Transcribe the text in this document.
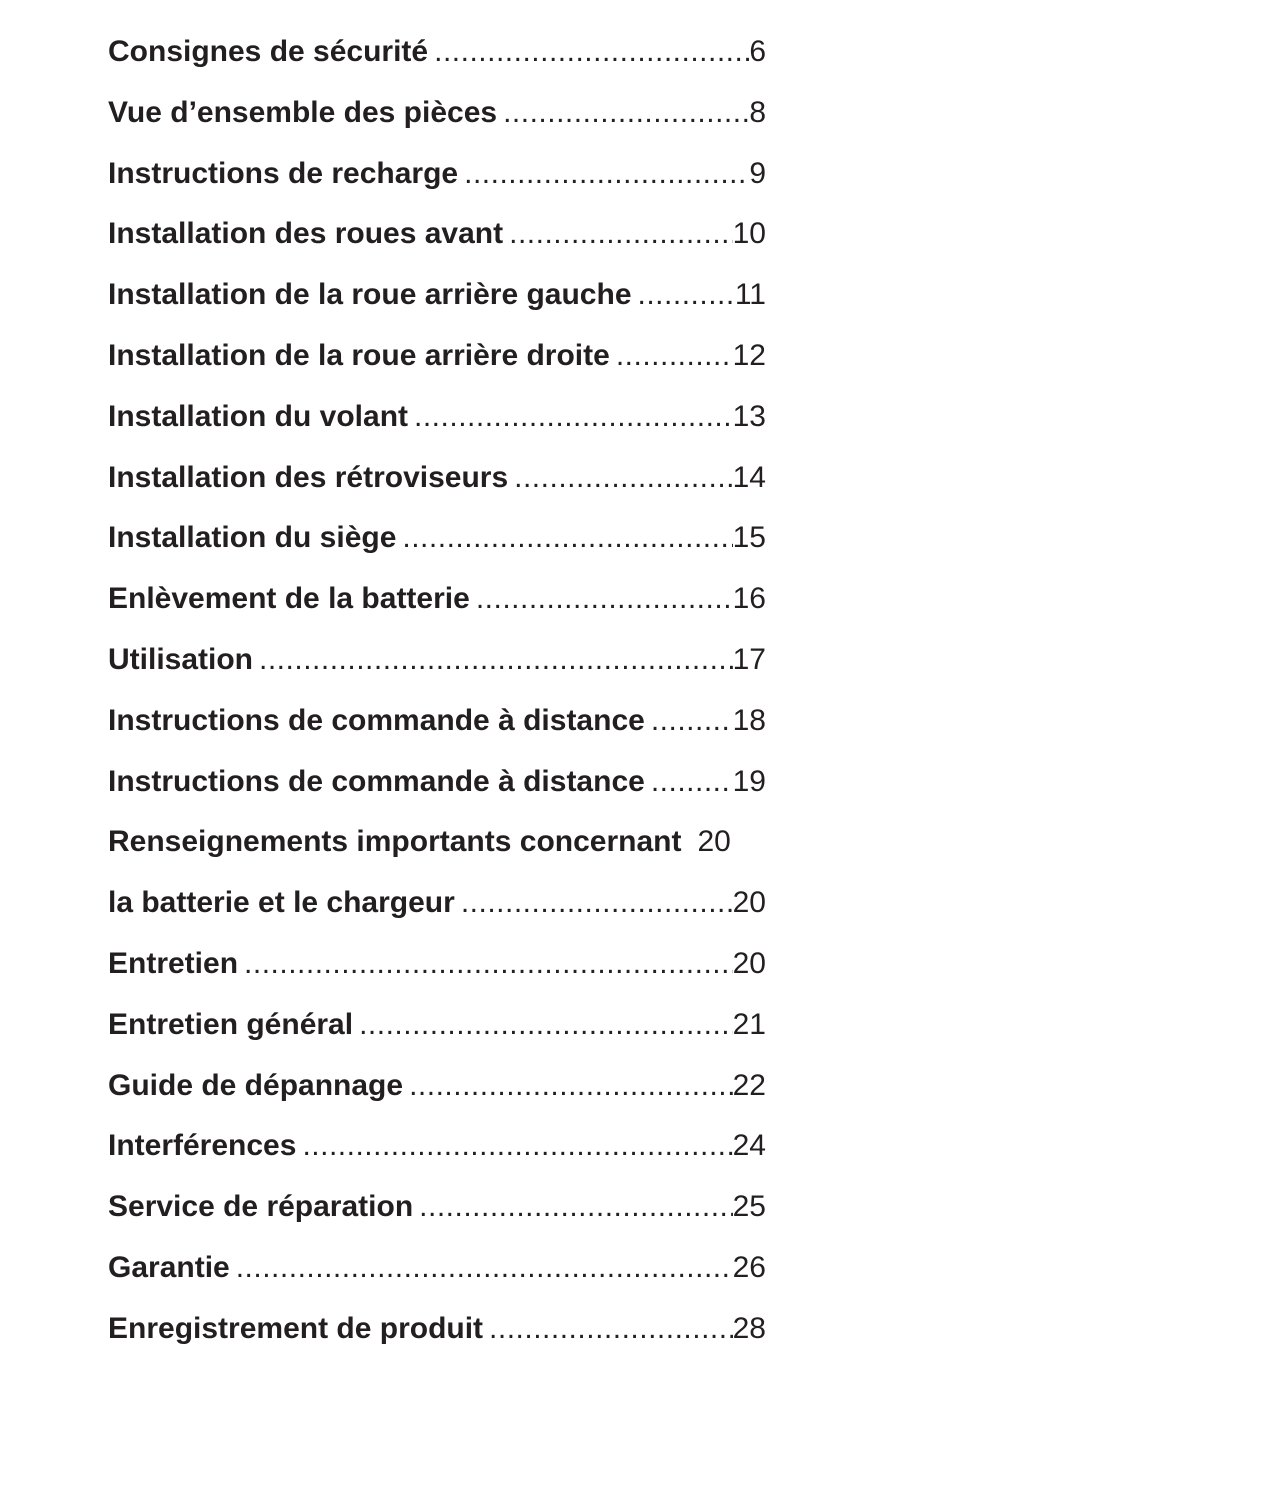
Consignes de sécurité .....	6
Vue d’ensemble des pièces .....	8
Instructions de recharge .....	9
Installation des roues avant .....	10
Installation de la roue arrière gauche .....	11
Installation de la roue arrière droite .....	12
Installation du volant .....	13
Installation des rétroviseurs .....	14
Installation du siège .....	15
Enlèvement de la batterie .....	16
Utilisation .....	17
Instructions de commande à distance .....	18
Instructions de commande à distance .....	19
Renseignements importants concernant 20
la batterie et le chargeur .....	20
Entretien .....	20
Entretien général .....	21
Guide de dépannage .....	22
Interférences .....	24
Service de réparation .....	25
Garantie .....	26
Enregistrement de produit .....	28
